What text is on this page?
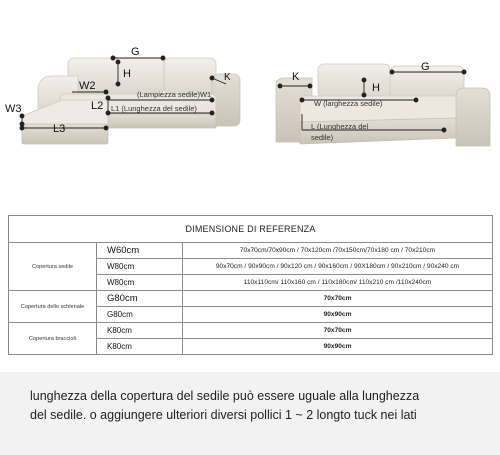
G
H	K
(Lampiezza sedile)W1
W2
W3	L1 (Lunghezza del sedile)
L2
L3
G
H
K
W (larghezza sedile)
L (Lunghezza del
sedile)
DIMENSIONE DI REFERENZA		
Copertura sedile	W60cm	70x70cm/70x90cm / 70x120cm /70x150cm/70x180 cm / 70x210cm
	W80cm	90x70cm / 90x90cm / 90x120 cm / 90x160cm / 90X180cm / 90x210cm / 90x240 cm
	W80cm	110x110cm/ 110x160 cm / 110x180cm/ 110x210 cm /110x240cm
Copertura dello schienale	G80cm	70x70cm
	G80cm	90x90cm
Copertura braccioli	K80cm	70x70cm
	K80cm	90x90cm

lunghezza della copertura del sedile può essere uguale alla lunghezza

del sedile. o aggiungere ulteriori diversi pollici 1 ~ 2 longto tuck nei lati
